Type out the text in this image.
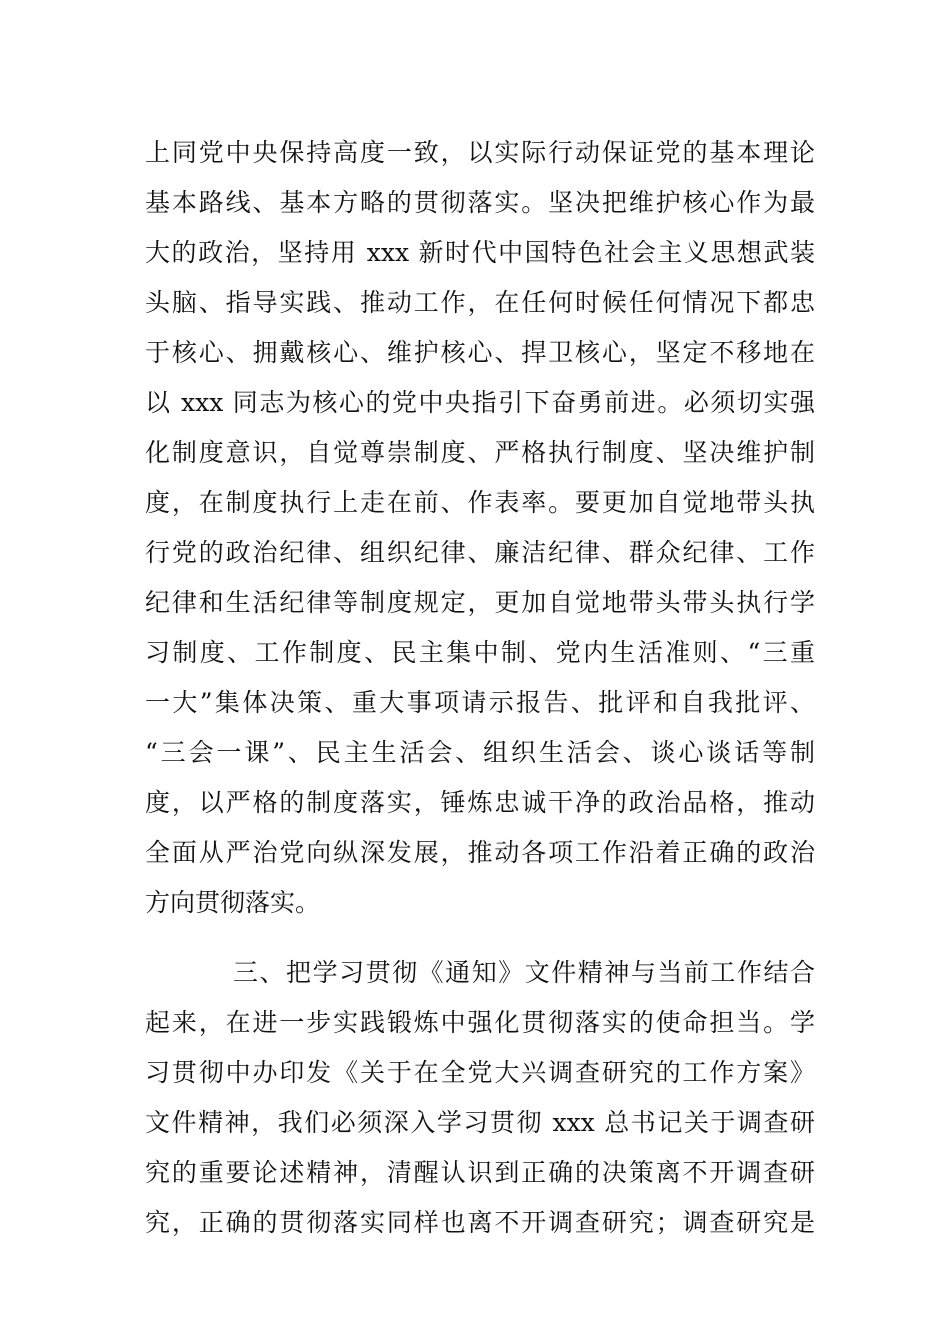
上同党中央保持高度一致，以实际行动保证党的基本理论
基本路线、基本方略的贯彻落实。坚决把维护核心作为最
大的政治，坚持用 xxx 新时代中国特色社会主义思想武装
头脑、指导实践、推动工作，在任何时候任何情况下都忠
于核心、拥戴核心、维护核心、捍卫核心，坚定不移地在
以 xxx 同志为核心的党中央指引下奋勇前进。必须切实强
化制度意识，自觉尊崇制度、严格执行制度、坚决维护制
度，在制度执行上走在前、作表率。要更加自觉地带头执
行党的政治纪律、组织纪律、廉洁纪律、群众纪律、工作
纪律和生活纪律等制度规定，更加自觉地带头带头执行学
习制度、工作制度、民主集中制、党内生活准则、“三重
一大”集体决策、重大事项请示报告、批评和自我批评、
“三会一课”、民主生活会、组织生活会、谈心谈话等制
度，以严格的制度落实，锤炼忠诚干净的政治品格，推动
全面从严治党向纵深发展，推动各项工作沿着正确的政治
方向贯彻落实。
三、把学习贯彻《通知》文件精神与当前工作结合
起来，在进一步实践锻炼中强化贯彻落实的使命担当。学
习贯彻中办印发《关于在全党大兴调查研究的工作方案》
文件精神，我们必须深入学习贯彻 xxx 总书记关于调查研
究的重要论述精神，清醒认识到正确的决策离不开调查研
究，正确的贯彻落实同样也离不开调查研究；调查研究是
